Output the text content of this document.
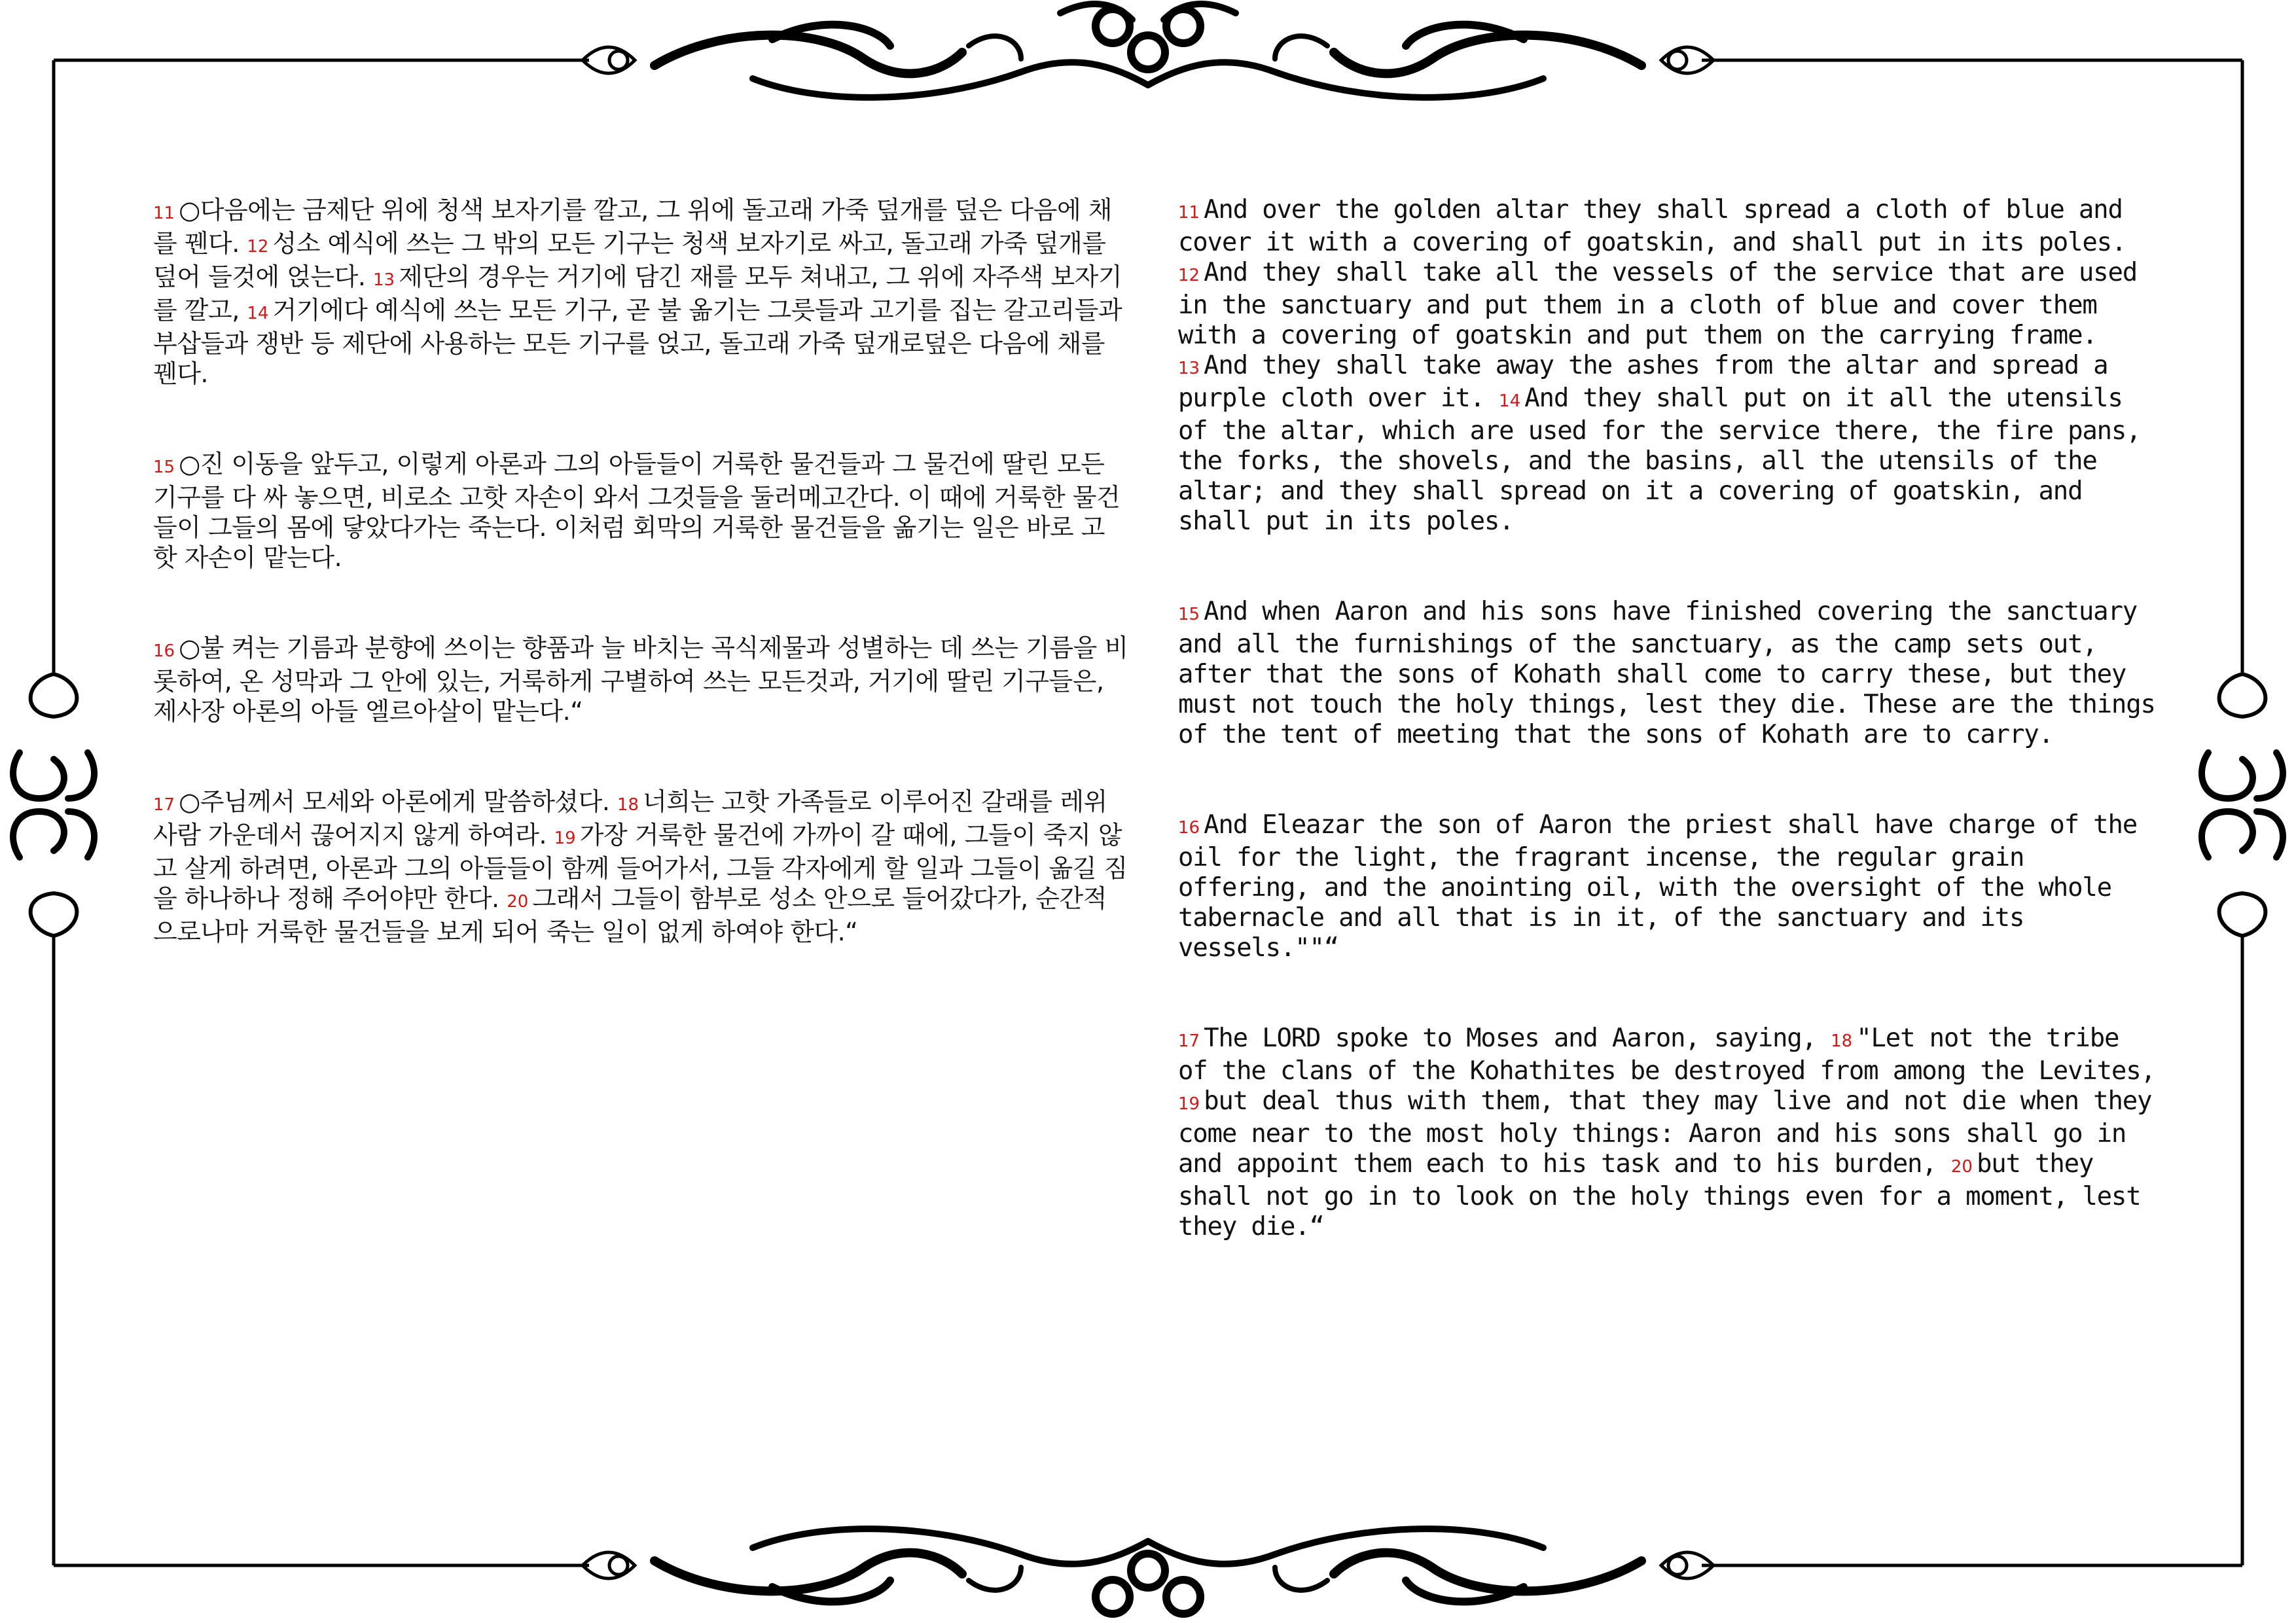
11 ○다음에는 금제단 위에 청색 보자기를 깔고, 그 위에 돌고래 가죽 덮개를 덮은 다음에 채를 꿴다. 12 성소 예식에 쓰는 그 밖의 모든 기구는 청색 보자기로 싸고, 돌고래 가죽 덮개를 덮어 들것에 얹는다. 13 제단의 경우는 거기에 담긴 재를 모두 쳐내고, 그 위에 자주색 보자기를 깔고, 14 거기에다 예식에 쓰는 모든 기구, 곧 불 옮기는 그릇들과 고기를 집는 갈고리들과 부삽들과 쟁반 등 제단에 사용하는 모든 기구를 얹고, 돌고래 가죽 덮개로덮은 다음에 채를 꿴다.

15 ○진 이동을 앞두고, 이렇게 아론과 그의 아들들이 거룩한 물건들과 그 물건에 딸린 모든 기구를 다 싸 놓으면, 비로소 고핫 자손이 와서 그것들을 둘러메고간다. 이 때에 거룩한 물건들이 그들의 몸에 닿았다가는 죽는다. 이처럼 회막의 거룩한 물건들을 옮기는 일은 바로 고핫 자손이 맡는다.

16 ○불 켜는 기름과 분향에 쓰이는 향품과 늘 바치는 곡식제물과 성별하는 데 쓰는 기름을 비롯하여, 온 성막과 그 안에 있는, 거룩하게 구별하여 쓰는 모든것과, 거기에 딸린 기구들은, 제사장 아론의 아들 엘르아살이 맡는다.“

17 ○주님께서 모세와 아론에게 말씀하셨다. 18 너희는 고핫 가족들로 이루어진 갈래를 레위 사람 가운데서 끊어지지 않게 하여라. 19 가장 거룩한 물건에 가까이 갈 때에, 그들이 죽지 않고 살게 하려면, 아론과 그의 아들들이 함께 들어가서, 그들 각자에게 할 일과 그들이 옮길 짐을 하나하나 정해 주어야만 한다. 20 그래서 그들이 함부로 성소 안으로 들어갔다가, 순간적으로나마 거룩한 물건들을 보게 되어 죽는 일이 없게 하여야 한다.“

11 And over the golden altar they shall spread a cloth of blue and cover it with a covering of goatskin, and shall put in its poles. 12 And they shall take all the vessels of the service that are used in the sanctuary and put them in a cloth of blue and cover them with a covering of goatskin and put them on the carrying frame. 13 And they shall take away the ashes from the altar and spread a purple cloth over it. 14 And they shall put on it all the utensils of the altar, which are used for the service there, the fire pans, the forks, the shovels, and the basins, all the utensils of the altar; and they shall spread on it a covering of goatskin, and shall put in its poles.

15 And when Aaron and his sons have finished covering the sanctuary and all the furnishings of the sanctuary, as the camp sets out, after that the sons of Kohath shall come to carry these, but they must not touch the holy things, lest they die. These are the things of the tent of meeting that the sons of Kohath are to carry.

16 And Eleazar the son of Aaron the priest shall have charge of the oil for the light, the fragrant incense, the regular grain offering, and the anointing oil, with the oversight of the whole tabernacle and all that is in it, of the sanctuary and its vessels.""“

17 The LORD spoke to Moses and Aaron, saying, 18 "Let not the tribe of the clans of the Kohathites be destroyed from among the Levites, 19 but deal thus with them, that they may live and not die when they come near to the most holy things: Aaron and his sons shall go in and appoint them each to his task and to his burden, 20 but they shall not go in to look on the holy things even for a moment, lest they die.“
